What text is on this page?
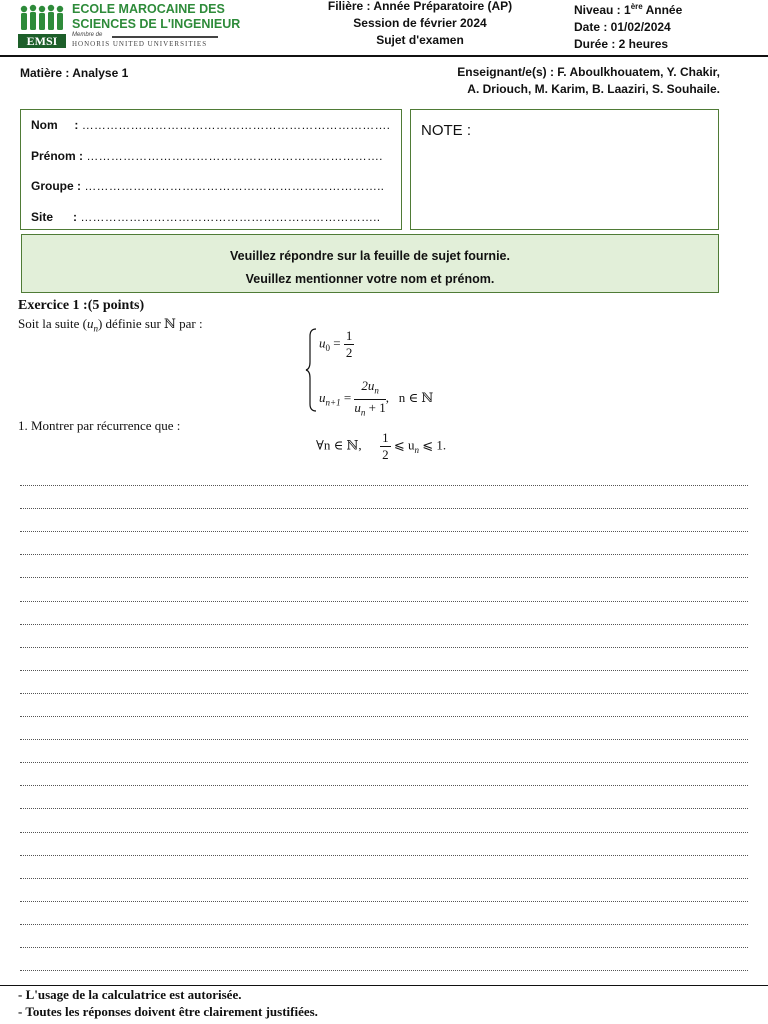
EMSI
ECOLE MAROCAINE DES
SCIENCES DE L'INGENIEUR
Membre de
HONORIS UNITED UNIVERSITIES
Filière : Année Préparatoire (AP)
Session de février 2024
Sujet d'examen
Niveau : 1ère Année
Date : 01/02/2024
Durée : 2 heures
Matière : Analyse 1	Enseignant/e(s) : F. Aboulkhouatem, Y. Chakir,
A. Driouch, M. Karim, B. Laaziri, S. Souhaile.
Nom     : ………………………………………………………………….
Prénom : ……………………………………………………………….
Groupe : ………………………………………………………………..
Site      : ………………………………………………………………..
NOTE :
Veuillez répondre sur la feuille de sujet fournie.
Veuillez mentionner votre nom et prénom.
Exercice 1 :(5 points)
Soit la suite $(u_n)$ définie sur ℕ par :
$u_0 = \frac{1}{2}$
$u_{n+1} = \frac{2u_n}{u_n + 1}$ ,   n ∈ ℕ
1. Montrer par récurrence que :
∀n ∈ ℕ, $\frac{1}{2}$ ⩽ $u_n$ ⩽ 1.
- L'usage de la calculatrice est autorisée.
- Toutes les réponses doivent être clairement justifiées.
